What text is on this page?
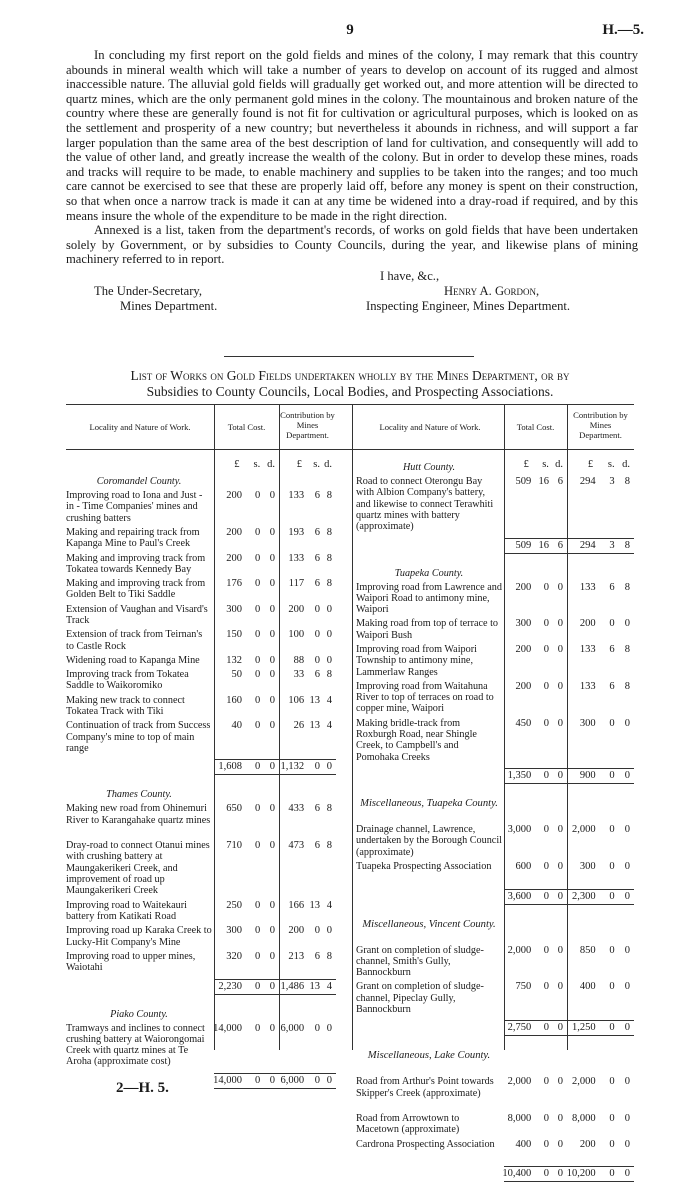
9	H.—5.

In concluding my first report on the gold fields and mines of the colony, I may remark that this country abounds in mineral wealth which will take a number of years to develop on account of its rugged and almost inaccessible nature. The alluvial gold fields will gradually get worked out, and more attention will be directed to quartz mines, which are the only permanent gold mines in the colony. The mountainous and broken nature of the country where these are generally found is not fit for cultivation or agricultural purposes, which is looked on as the settlement and prosperity of a new country; but nevertheless it abounds in richness, and will support a far larger population than the same area of the best description of land for cultivation, and consequently will add to the value of other land, and greatly increase the wealth of the colony. But in order to develop these mines, roads and tracks will require to be made, to enable machinery and supplies to be taken into the ranges; and too much care cannot be exercised to see that these are properly laid off, before any money is spent on their construction, so that when once a narrow track is made it can at any time be widened into a dray-road if required, and by this means insure the whole of the expenditure to be made in the right direction.

Annexed is a list, taken from the department's records, of works on gold fields that have been undertaken solely by Government, or by subsidies to County Councils, during the year, and likewise plans of mining machinery referred to in report.

I have, &c.,
The Under-Secretary,
Mines Department.
Henry A. Gordon,
Inspecting Engineer, Mines Department.
List of Works on Gold Fields undertaken wholly by the Mines Department, or by
Subsidies to County Councils, Local Bodies, and Prospecting Associations.
Locality and Nature of Work.	Total Cost.
Contribution by Mines Department.
£	s. d.	£	s. d.
Coromandel County.
Improving road to Iona and Just - in - Time Companies' mines and crushing batters
200	0 0	133	6 8
Making and repairing track from Kapanga Mine to Paul's Creek
200	0 0	193	6 8
Making and improving track from Tokatea towards Kennedy Bay
200	0 0	133	6 8
Making and improving track from Golden Belt to Tiki Saddle
176	0 0	117	6 8
Extension of Vaughan and Visard's Track
300	0 0	200	0 0
Extension of track from Teirnan's to Castle Rock
150	0 0	100	0 0
Widening road to Kapanga Mine	132	0 0	88	0 0
Improving track from Tokatea Saddle to Waikoromiko
50	0 0	33	6 8
Making new track to connect Tokatea Track with Tiki
160	0 0	106 13 4
Continuation of track from Success Company's mine to top of main range
40	0 0	26 13 4
1,608	0 0 1,132	0 0
Thames County.
Making new road from Ohinemuri River to Karangahake quartz mines
650	0 0	433	6 8
Dray-road to connect Otanui mines with crushing battery at Maungakerikeri Creek, and improvement of road up Maungakerikeri Creek
710	0 0	473	6 8
Improving road to Waitekauri battery from Katikati Road
250	0 0	166 13 4
Improving road up Karaka Creek to Lucky-Hit Company's Mine
300	0 0	200	0 0
Improving road to upper mines, Waiotahi
320	0 0	213	6 8
2,230	0 0 1,486 13 4
Piako County.
Tramways and inclines to connect crushing battery at Waiorongomai Creek with quartz mines at Te Aroha (approximate cost)
14,000	0 0 6,000	0 0
14,000	0 0 6,000	0 0
Locality and Nature of Work.	Total Cost.
Contribution by Mines Department.
£	s. d.	£	s. d.
Hutt County.
Road to connect Oterongu Bay with Albion Company's battery, and likewise to connect Terawhiti quartz mines with battery (approximate)
509 16 6	294	3 8
509 16 6	294	3 8
Tuapeka County.
Improving road from Lawrence and Waipori Road to antimony mine, Waipori
200	0 0	133	6 8
Making road from top of terrace to Waipori Bush
300	0 0	200	0 0
Improving road from Waipori Township to antimony mine, Lammerlaw Ranges
200	0 0	133	6 8
Improving road from Waitahuna River to top of terraces on road to copper mine, Waipori
200	0 0	133	6 8
Making bridle-track from Roxburgh Road, near Shingle Creek, to Campbell's and Pomohaka Creeks
450	0 0	300	0 0
1,350	0 0	900	0 0
Miscellaneous, Tuapeka County.
Drainage channel, Lawrence, undertaken by the Borough Council (approximate)
3,000	0 0 2,000	0 0
Tuapeka Prospecting Association	600	0 0	300	0 0
3,600	0 0 2,300	0 0
Miscellaneous, Vincent County.
Grant on completion of sludge-channel, Smith's Gully, Bannockburn
2,000	0 0	850	0 0
Grant on completion of sludge-channel, Pipeclay Gully, Bannockburn
750	0 0	400	0 0
2,750	0 0 1,250	0 0
Miscellaneous, Lake County.
Road from Arthur's Point towards Skipper's Creek (approximate)
2,000	0 0 2,000	0 0
Road from Arrowtown to Macetown (approximate)
8,000	0 0 8,000	0 0
Cardrona Prospecting Association	400	0 0	200	0 0
10,400	0 0 10,200	0 0
2—H. 5.
